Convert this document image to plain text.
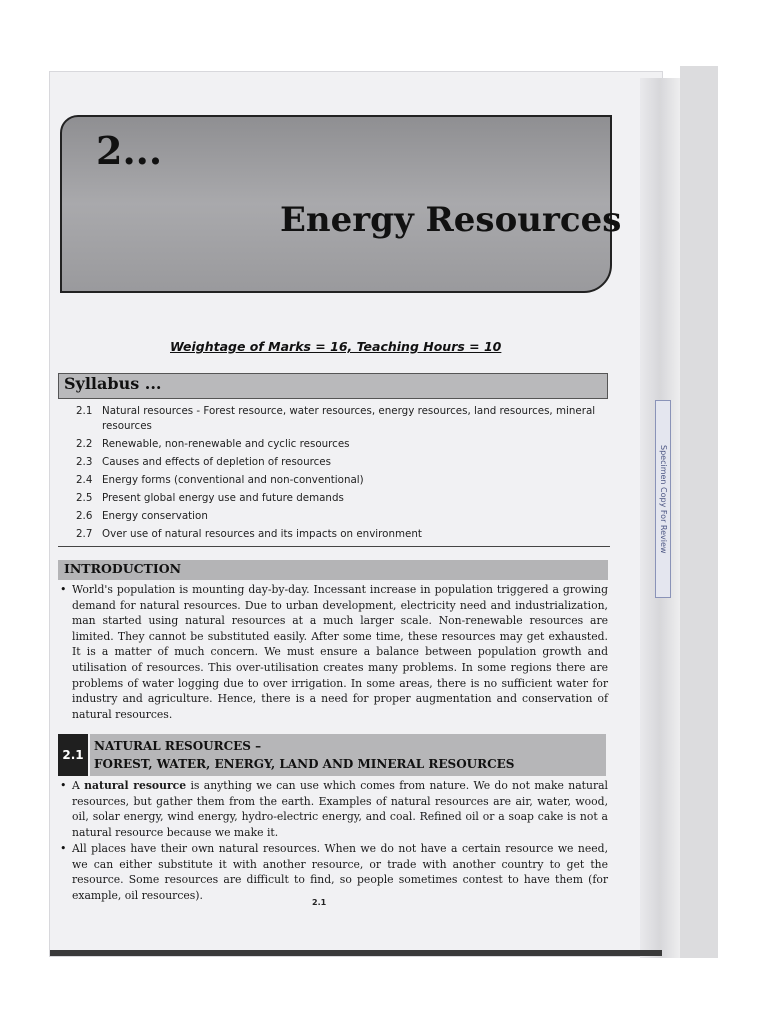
Specimen Copy For Review
2...
Energy Resources
Weightage of Marks = 16, Teaching Hours = 10
Syllabus ...
2.1 Natural resources - Forest resource, water resources, energy resources, land resources, mineral resources
2.2 Renewable, non-renewable and cyclic resources
2.3 Causes and effects of depletion of resources
2.4 Energy forms (conventional and non-conventional)
2.5 Present global energy use and future demands
2.6 Energy conservation
2.7 Over use of natural resources and its impacts on environment
INTRODUCTION
• World's population is mounting day-by-day. Incessant increase in population triggered a growing demand for natural resources. Due to urban development, electricity need and industrialization, man started using natural resources at a much larger scale. Non-renewable resources are limited. They cannot be substituted easily. After some time, these resources may get exhausted. It is a matter of much concern. We must ensure a balance between population growth and utilisation of resources. This over-utilisation creates many problems. In some regions there are problems of water logging due to over irrigation. In some areas, there is no sufficient water for industry and agriculture. Hence, there is a need for proper augmentation and conservation of natural resources.
2.1
NATURAL RESOURCES –
FOREST, WATER, ENERGY, LAND AND MINERAL RESOURCES
• A natural resource is anything we can use which comes from nature. We do not make natural resources, but gather them from the earth. Examples of natural resources are air, water, wood, oil, solar energy, wind energy, hydro-electric energy, and coal. Refined oil or a soap cake is not a natural resource because we make it.
• All places have their own natural resources. When we do not have a certain resource we need, we can either substitute it with another resource, or trade with another country to get the resource. Some resources are difficult to find, so people sometimes contest to have them (for example, oil resources).
2.1
